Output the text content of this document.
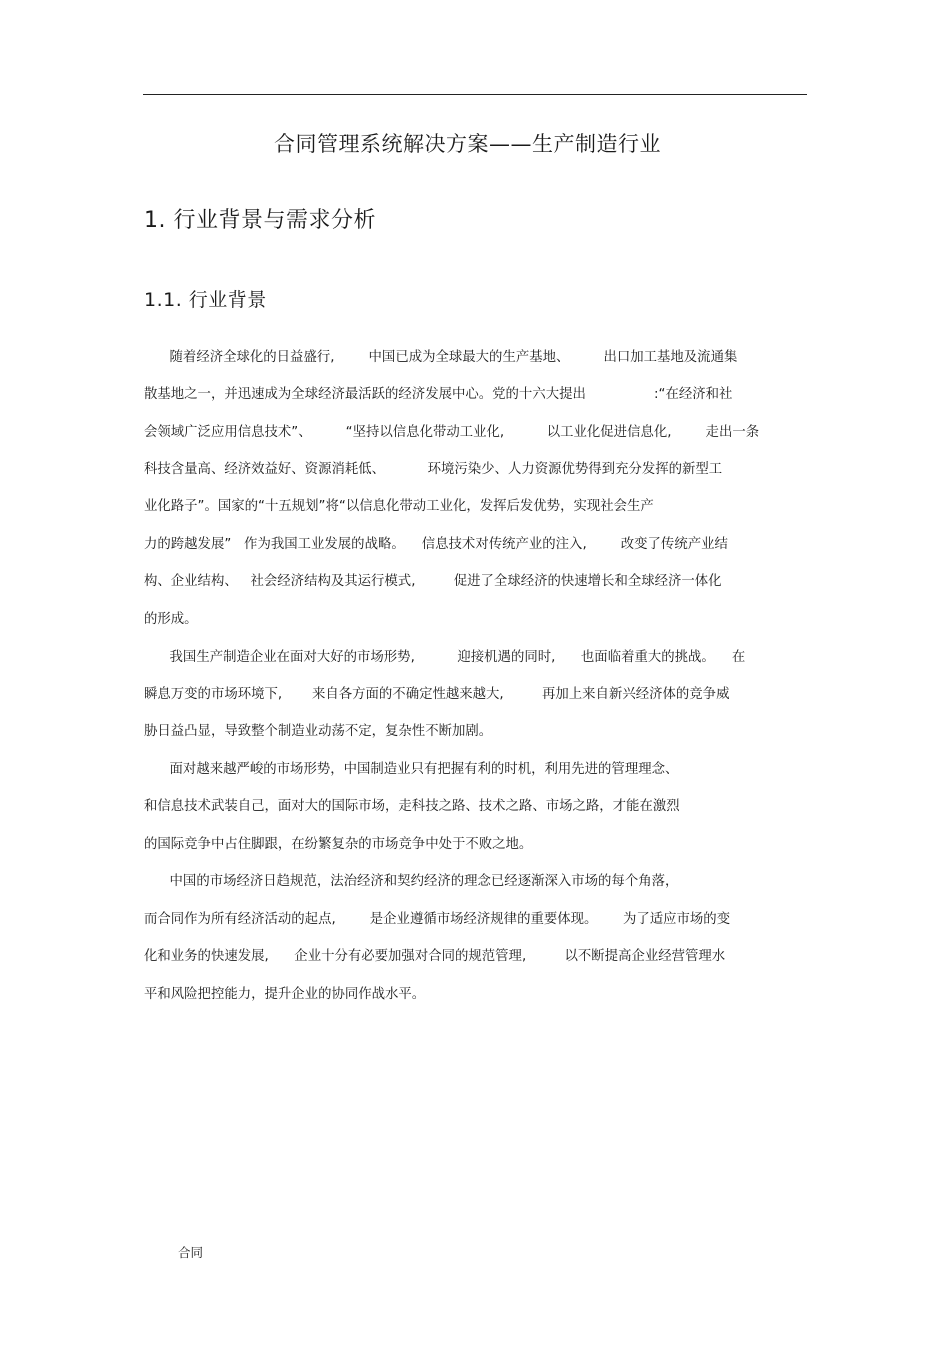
合同管理系统解决方案——生产制造行业
1. 行业背景与需求分析
1.1. 行业背景
随着经济全球化的日益盛行,        中国已成为全球最大的生产基地、        出口加工基地及流通集
散基地之一，并迅速成为全球经济最活跃的经济发展中心。党的十六大提出                :“在经济和社
会领域广泛应用信息技术”、        “坚持以信息化带动工业化,          以工业化促进信息化,        走出一条
科技含量高、经济效益好、资源消耗低、          环境污染少、人力资源优势得到充分发挥的新型工
业化路子”。国家的“十五规划”将“以信息化带动工业化，发挥后发优势，实现社会生产
力的跨越发展”   作为我国工业发展的战略。    信息技术对传统产业的注入,        改变了传统产业结
构、企业结构、   社会经济结构及其运行模式,         促进了全球经济的快速增长和全球经济一体化
的形成。
我国生产制造企业在面对大好的市场形势,          迎接机遇的同时,      也面临着重大的挑战。    在
瞬息万变的市场环境下,       来自各方面的不确定性越来越大,         再加上来自新兴经济体的竞争威
胁日益凸显，导致整个制造业动荡不定，复杂性不断加剧。
面对越来越严峻的市场形势，中国制造业只有把握有利的时机，利用先进的管理理念、
和信息技术武装自己，面对大的国际市场，走科技之路、技术之路、市场之路，才能在激烈
的国际竞争中占住脚跟，在纷繁复杂的市场竞争中处于不败之地。
中国的市场经济日趋规范，法治经济和契约经济的理念已经逐渐深入市场的每个角落，
而合同作为所有经济活动的起点,        是企业遵循市场经济规律的重要体现。      为了适应市场的变
化和业务的快速发展,      企业十分有必要加强对合同的规范管理,         以不断提高企业经营管理水
平和风险把控能力，提升企业的协同作战水平。
合同
